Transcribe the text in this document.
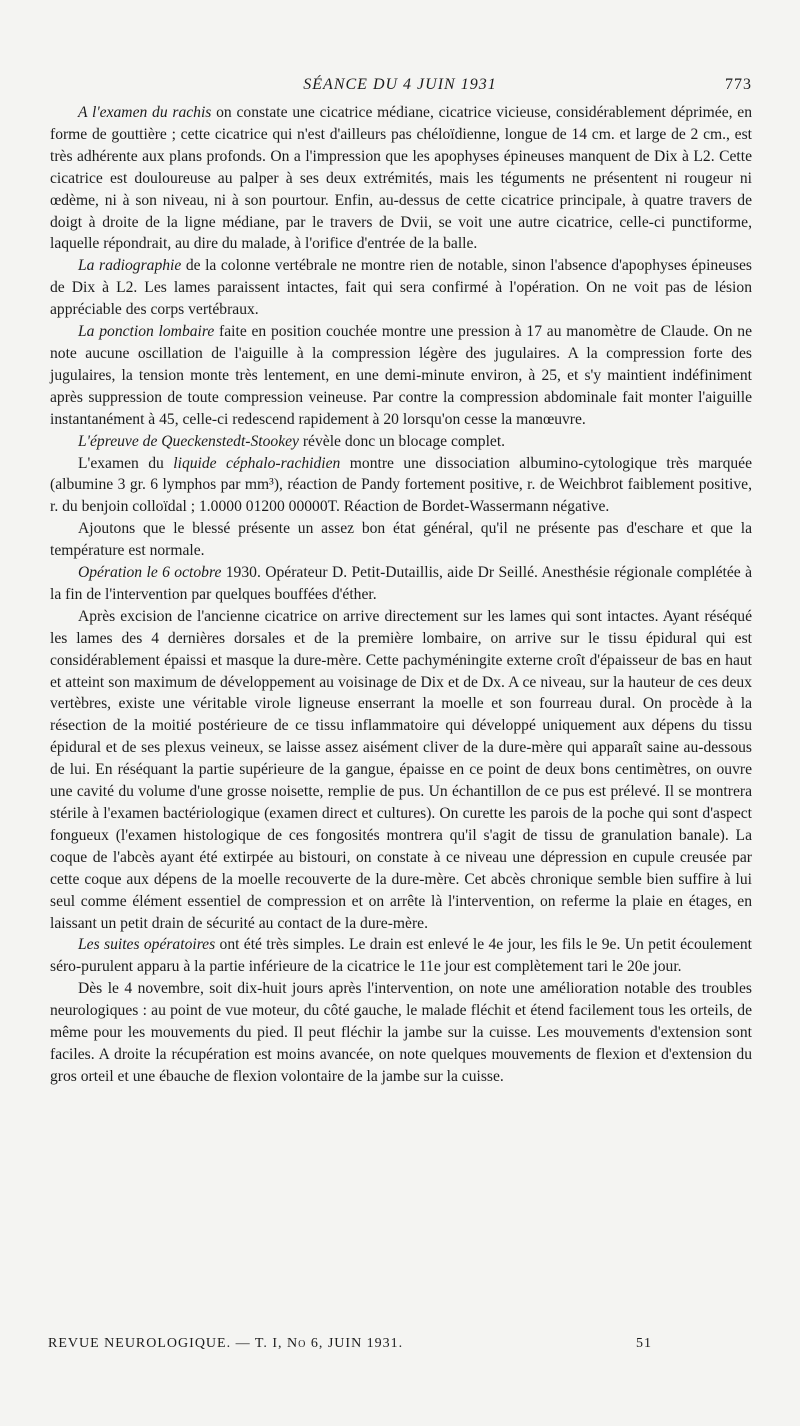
SÉANCE DU 4 JUIN 1931	773

A l'examen du rachis on constate une cicatrice médiane, cicatrice vicieuse, considérablement déprimée, en forme de gouttière ; cette cicatrice qui n'est d'ailleurs pas chéloïdienne, longue de 14 cm. et large de 2 cm., est très adhérente aux plans profonds. On a l'impression que les apophyses épineuses manquent de Dix à L2. Cette cicatrice est douloureuse au palper à ses deux extrémités, mais les téguments ne présentent ni rougeur ni œdème, ni à son niveau, ni à son pourtour. Enfin, au-dessus de cette cicatrice principale, à quatre travers de doigt à droite de la ligne médiane, par le travers de Dvii, se voit une autre cicatrice, celle-ci punctiforme, laquelle répondrait, au dire du malade, à l'orifice d'entrée de la balle.

La radiographie de la colonne vertébrale ne montre rien de notable, sinon l'absence d'apophyses épineuses de Dix à L2. Les lames paraissent intactes, fait qui sera confirmé à l'opération. On ne voit pas de lésion appréciable des corps vertébraux.

La ponction lombaire faite en position couchée montre une pression à 17 au manomètre de Claude. On ne note aucune oscillation de l'aiguille à la compression légère des jugulaires. A la compression forte des jugulaires, la tension monte très lentement, en une demi-minute environ, à 25, et s'y maintient indéfiniment après suppression de toute compression veineuse. Par contre la compression abdominale fait monter l'aiguille instantanément à 45, celle-ci redescend rapidement à 20 lorsqu'on cesse la manœuvre.

L'épreuve de Queckenstedt-Stookey révèle donc un blocage complet.

L'examen du liquide céphalo-rachidien montre une dissociation albumino-cytologique très marquée (albumine 3 gr. 6 lymphos par mm³), réaction de Pandy fortement positive, r. de Weichbrot faiblement positive, r. du benjoin colloïdal ; 1.0000 01200 00000T. Réaction de Bordet-Wassermann négative.

Ajoutons que le blessé présente un assez bon état général, qu'il ne présente pas d'eschare et que la température est normale.

Opération le 6 octobre 1930. Opérateur D. Petit-Dutaillis, aide Dr Seillé. Anesthésie régionale complétée à la fin de l'intervention par quelques bouffées d'éther.

Après excision de l'ancienne cicatrice on arrive directement sur les lames qui sont intactes. Ayant réséqué les lames des 4 dernières dorsales et de la première lombaire, on arrive sur le tissu épidural qui est considérablement épaissi et masque la dure-mère. Cette pachyméningite externe croît d'épaisseur de bas en haut et atteint son maximum de développement au voisinage de Dix et de Dx. A ce niveau, sur la hauteur de ces deux vertèbres, existe une véritable virole ligneuse enserrant la moelle et son fourreau dural. On procède à la résection de la moitié postérieure de ce tissu inflammatoire qui développé uniquement aux dépens du tissu épidural et de ses plexus veineux, se laisse assez aisément cliver de la dure-mère qui apparaît saine au-dessous de lui. En réséquant la partie supérieure de la gangue, épaisse en ce point de deux bons centimètres, on ouvre une cavité du volume d'une grosse noisette, remplie de pus. Un échantillon de ce pus est prélevé. Il se montrera stérile à l'examen bactériologique (examen direct et cultures). On curette les parois de la poche qui sont d'aspect fongueux (l'examen histologique de ces fongosités montrera qu'il s'agit de tissu de granulation banale). La coque de l'abcès ayant été extirpée au bistouri, on constate à ce niveau une dépression en cupule creusée par cette coque aux dépens de la moelle recouverte de la dure-mère. Cet abcès chronique semble bien suffire à lui seul comme élément essentiel de compression et on arrête là l'intervention, on referme la plaie en étages, en laissant un petit drain de sécurité au contact de la dure-mère.

Les suites opératoires ont été très simples. Le drain est enlevé le 4e jour, les fils le 9e. Un petit écoulement séro-purulent apparu à la partie inférieure de la cicatrice le 11e jour est complètement tari le 20e jour.

Dès le 4 novembre, soit dix-huit jours après l'intervention, on note une amélioration notable des troubles neurologiques : au point de vue moteur, du côté gauche, le malade fléchit et étend facilement tous les orteils, de même pour les mouvements du pied. Il peut fléchir la jambe sur la cuisse. Les mouvements d'extension sont faciles. A droite la récupération est moins avancée, on note quelques mouvements de flexion et d'extension du gros orteil et une ébauche de flexion volontaire de la jambe sur la cuisse.

REVUE NEUROLOGIQUE. — T. I, No 6, JUIN 1931.	51
